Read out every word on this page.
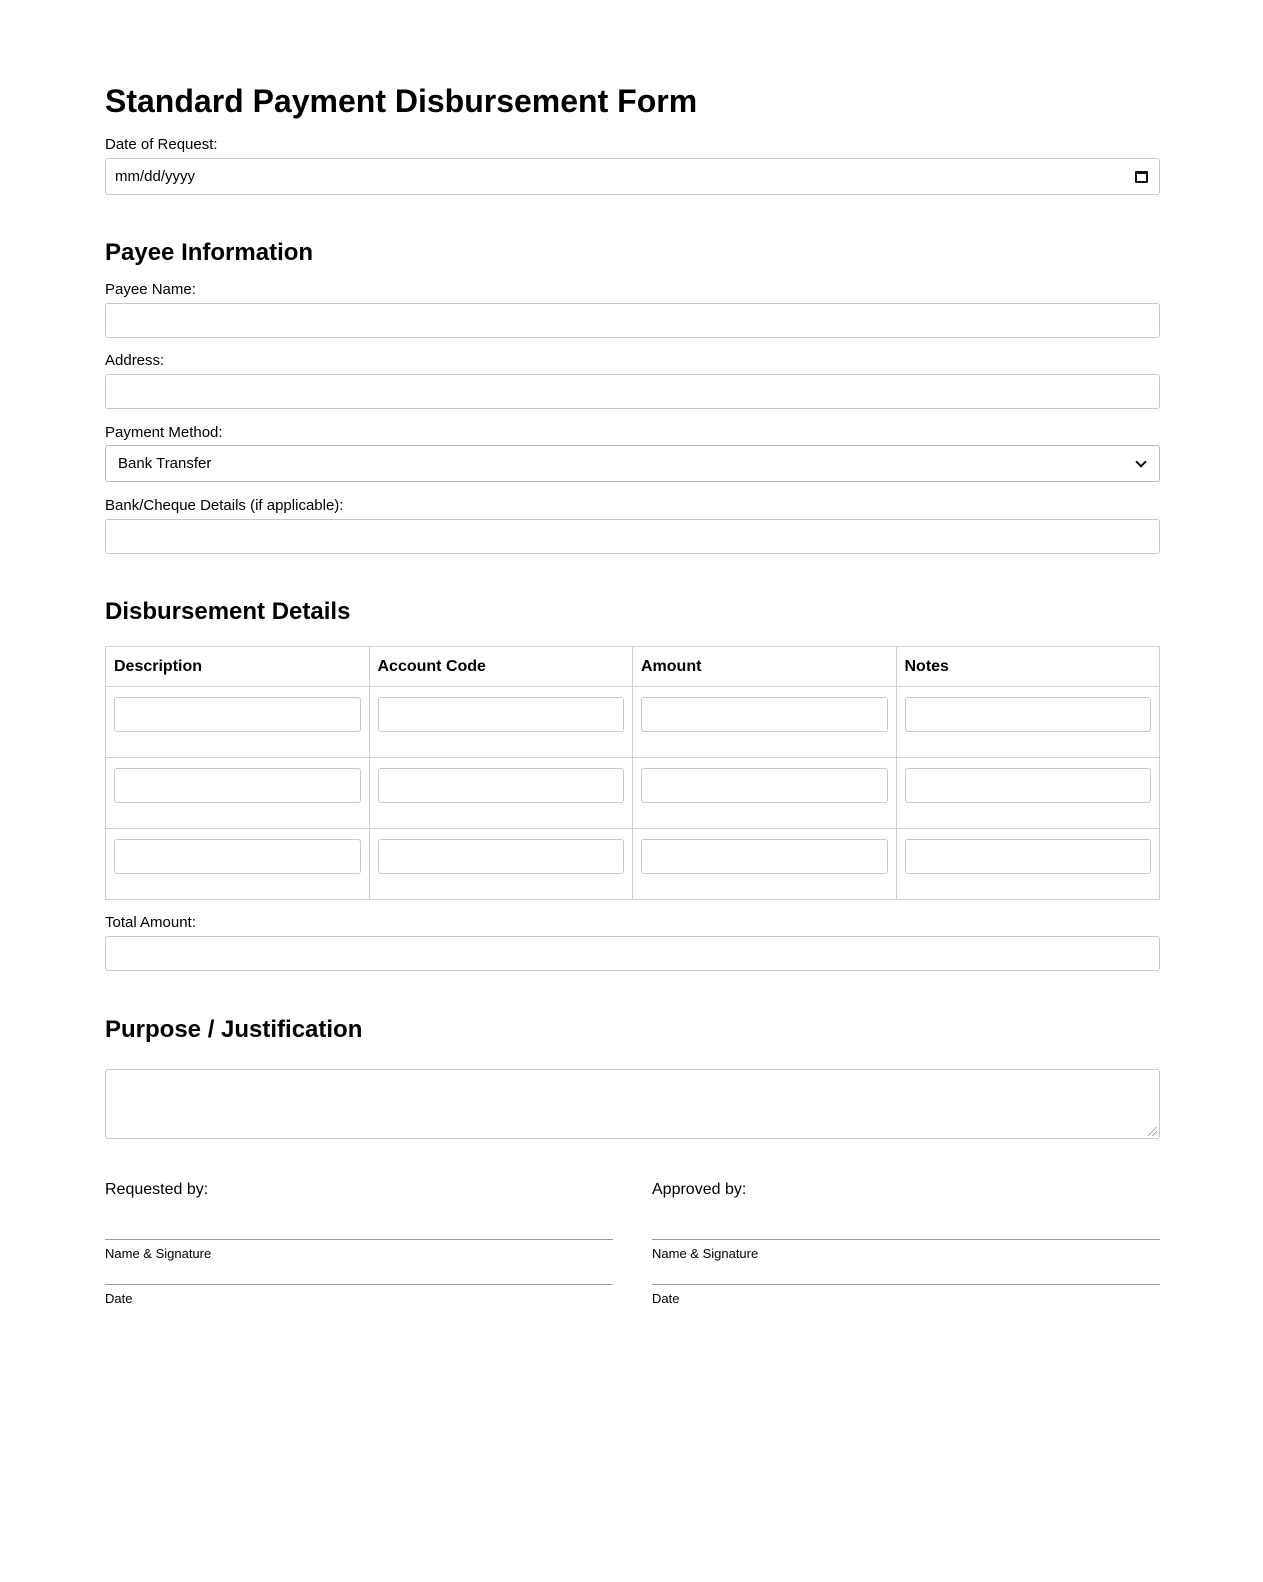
Standard Payment Disbursement Form
Date of Request:
mm/dd/yyyy
Payee Information
Payee Name:
Address:
Payment Method:
Bank Transfer
Bank/Cheque Details (if applicable):
Disbursement Details
Description	Account Code	Amount	Notes

Total Amount:
Purpose / Justification
Requested by:
Name & Signature
Date
Approved by:
Name & Signature
Date
